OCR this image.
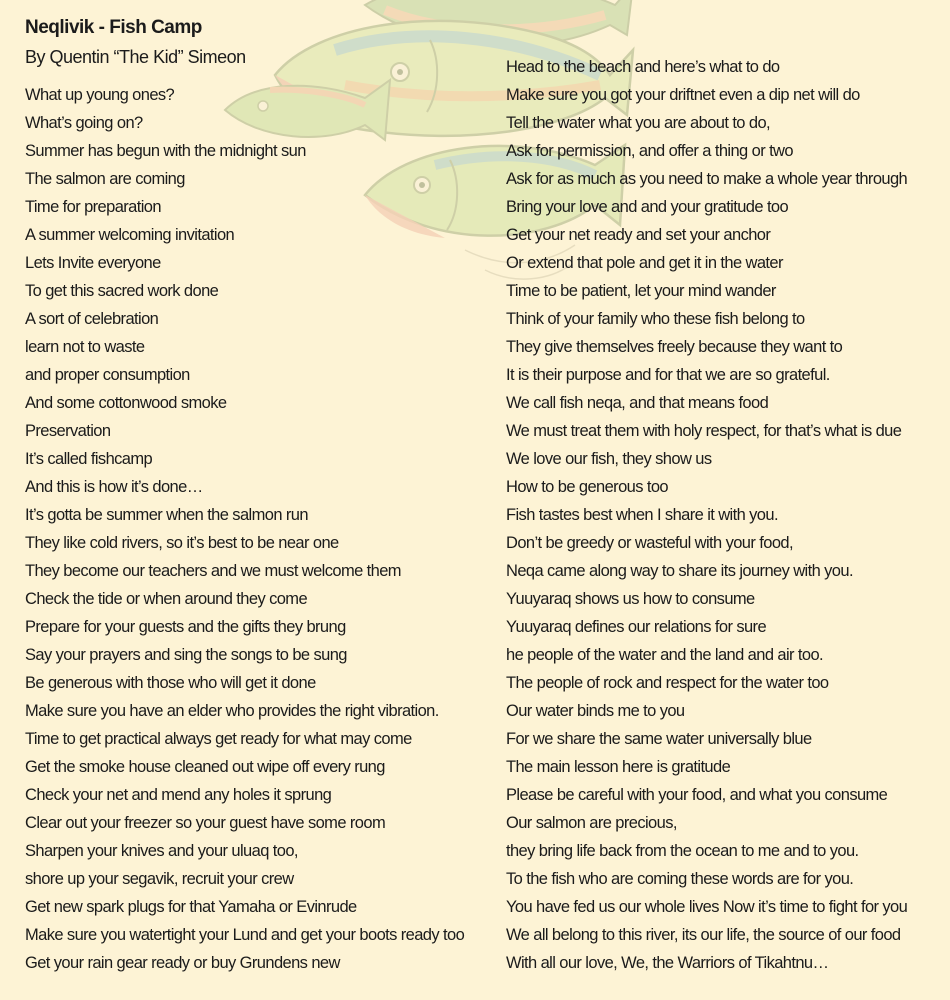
Neqlivik - Fish Camp

By Quentin “The Kid” Simeon

What up young ones?
What’s going on?
Summer has begun with the midnight sun
The salmon are coming
Time for preparation
A summer welcoming invitation
Lets Invite everyone
To get this sacred work done
A sort of celebration
learn not to waste
and proper consumption
And some cottonwood smoke
Preservation
It’s called fishcamp
And this is how it’s done…
It’s gotta be summer when the salmon run
They like cold rivers, so it’s best to be near one
They become our teachers and we must welcome them
Check the tide or when around they come
Prepare for your guests and the gifts they brung
Say your prayers and sing the songs to be sung
Be generous with those who will get it done
Make sure you have an elder who provides the right vibration.
Time to get practical always get ready for what may come
Get the smoke house cleaned out wipe off every rung
Check your net and mend any holes it sprung
Clear out your freezer so your guest have some room
Sharpen your knives and your uluaq too,
shore up your segavik, recruit your crew
Get new spark plugs for that Yamaha or Evinrude
Make sure you watertight your Lund and get your boots ready too
Get your rain gear ready or buy Grundens new
Head to the beach and here’s what to do
Make sure you got your driftnet even a dip net will do
Tell the water what you are about to do,
Ask for permission, and offer a thing or two
Ask for as much as you need to make a whole year through
Bring your love and and your gratitude too
Get your net ready and set your anchor
Or extend that pole and get it in the water
Time to be patient, let your mind wander
Think of your family who these fish belong to
They give themselves freely because they want to
It is their purpose and for that we are so grateful.
We call fish neqa, and that means food
We must treat them with holy respect, for that’s what is due
We love our fish, they show us
How to be generous too
Fish tastes best when I share it with you.
Don’t be greedy or wasteful with your food,
Neqa came along way to share its journey with you.
Yuuyaraq shows us how to consume
Yuuyaraq defines our relations for sure
he people of the water and the land and air too.
The people of rock and respect for the water too
Our water binds me to you
For we share the same water universally blue
The main lesson here is gratitude
Please be careful with your food, and what you consume
Our salmon are precious,
they bring life back from the ocean to me and to you.
To the fish who are coming these words are for you.
You have fed us our whole lives Now it’s time to fight for you
We all belong to this river, its our life, the source of our food
With all our love, We, the Warriors of Tikahtnu…
